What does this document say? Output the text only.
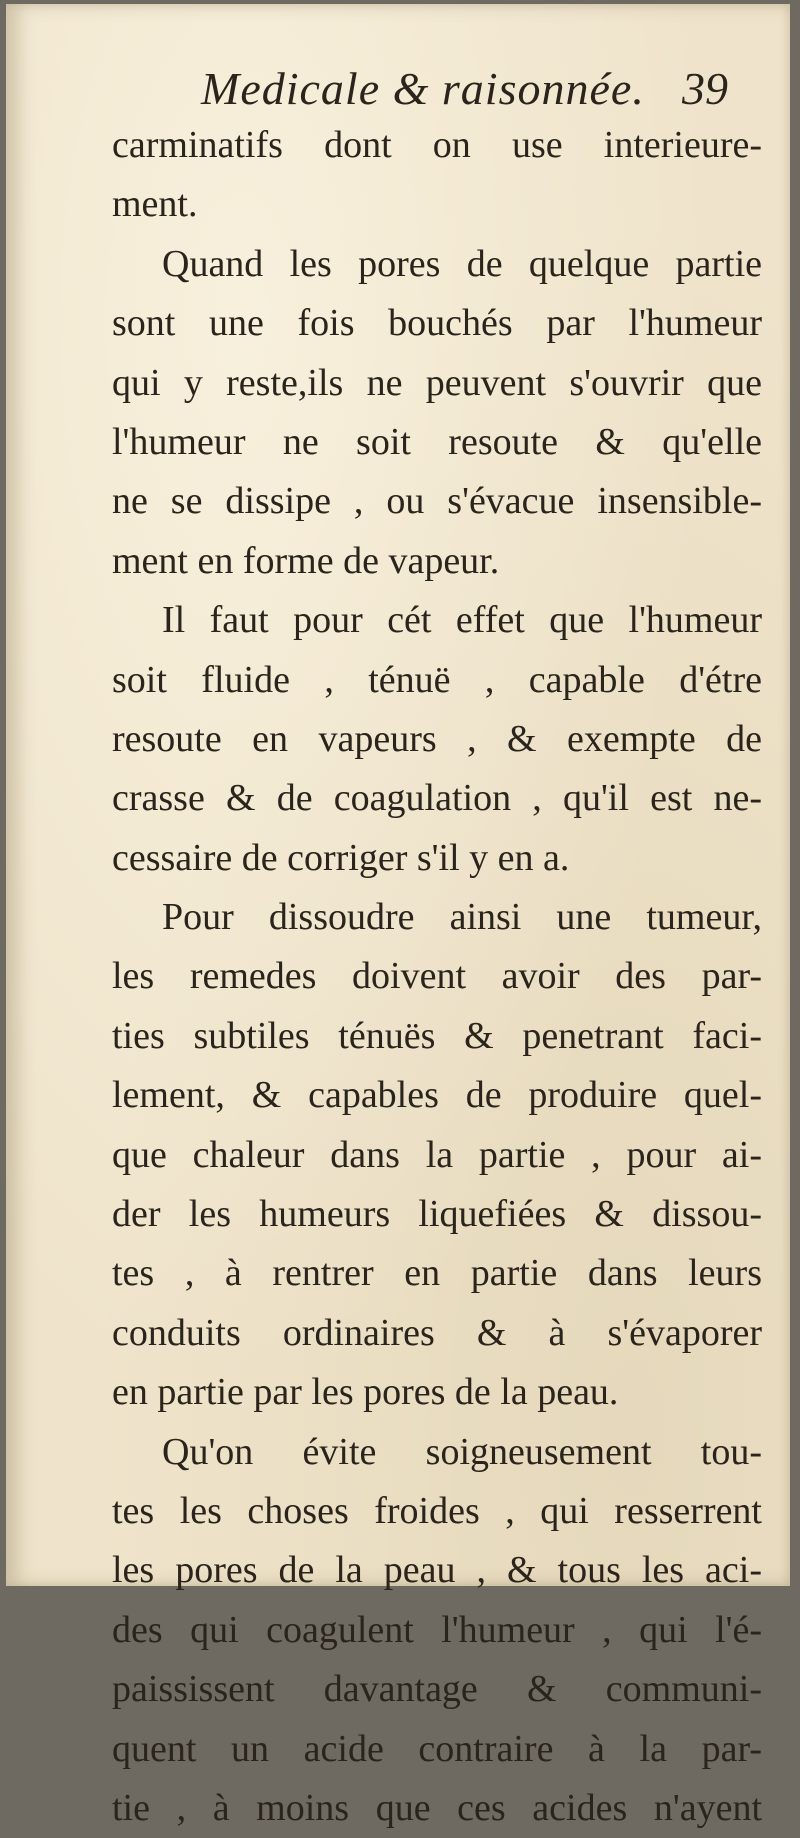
Medicale & raisonnée. 39
carminatifs dont on use interieure-
ment.
Quand les pores de quelque partie
sont une fois bouchés par l'humeur
qui y reste,ils ne peuvent s'ouvrir que
l'humeur ne soit resoute & qu'elle
ne se dissipe , ou s'évacue insensible-
ment en forme de vapeur.
Il faut pour cét effet que l'humeur
soit fluide , ténuë , capable d'étre
resoute en vapeurs , & exempte de
crasse & de coagulation , qu'il est ne-
cessaire de corriger s'il y en a.
Pour dissoudre ainsi une tumeur,
les remedes doivent avoir des par-
ties subtiles ténuës & penetrant faci-
lement, & capables de produire quel-
que chaleur dans la partie , pour ai-
der les humeurs liquefiées & dissou-
tes , à rentrer en partie dans leurs
conduits ordinaires & à s'évaporer
en partie par les pores de la peau.
Qu'on évite soigneusement tou-
tes les choses froides , qui resserrent
les pores de la peau , & tous les aci-
des qui coagulent l'humeur , qui l'é-
paississent davantage & communi-
quent un acide contraire à la par-
tie , à moins que ces acides n'ayent
